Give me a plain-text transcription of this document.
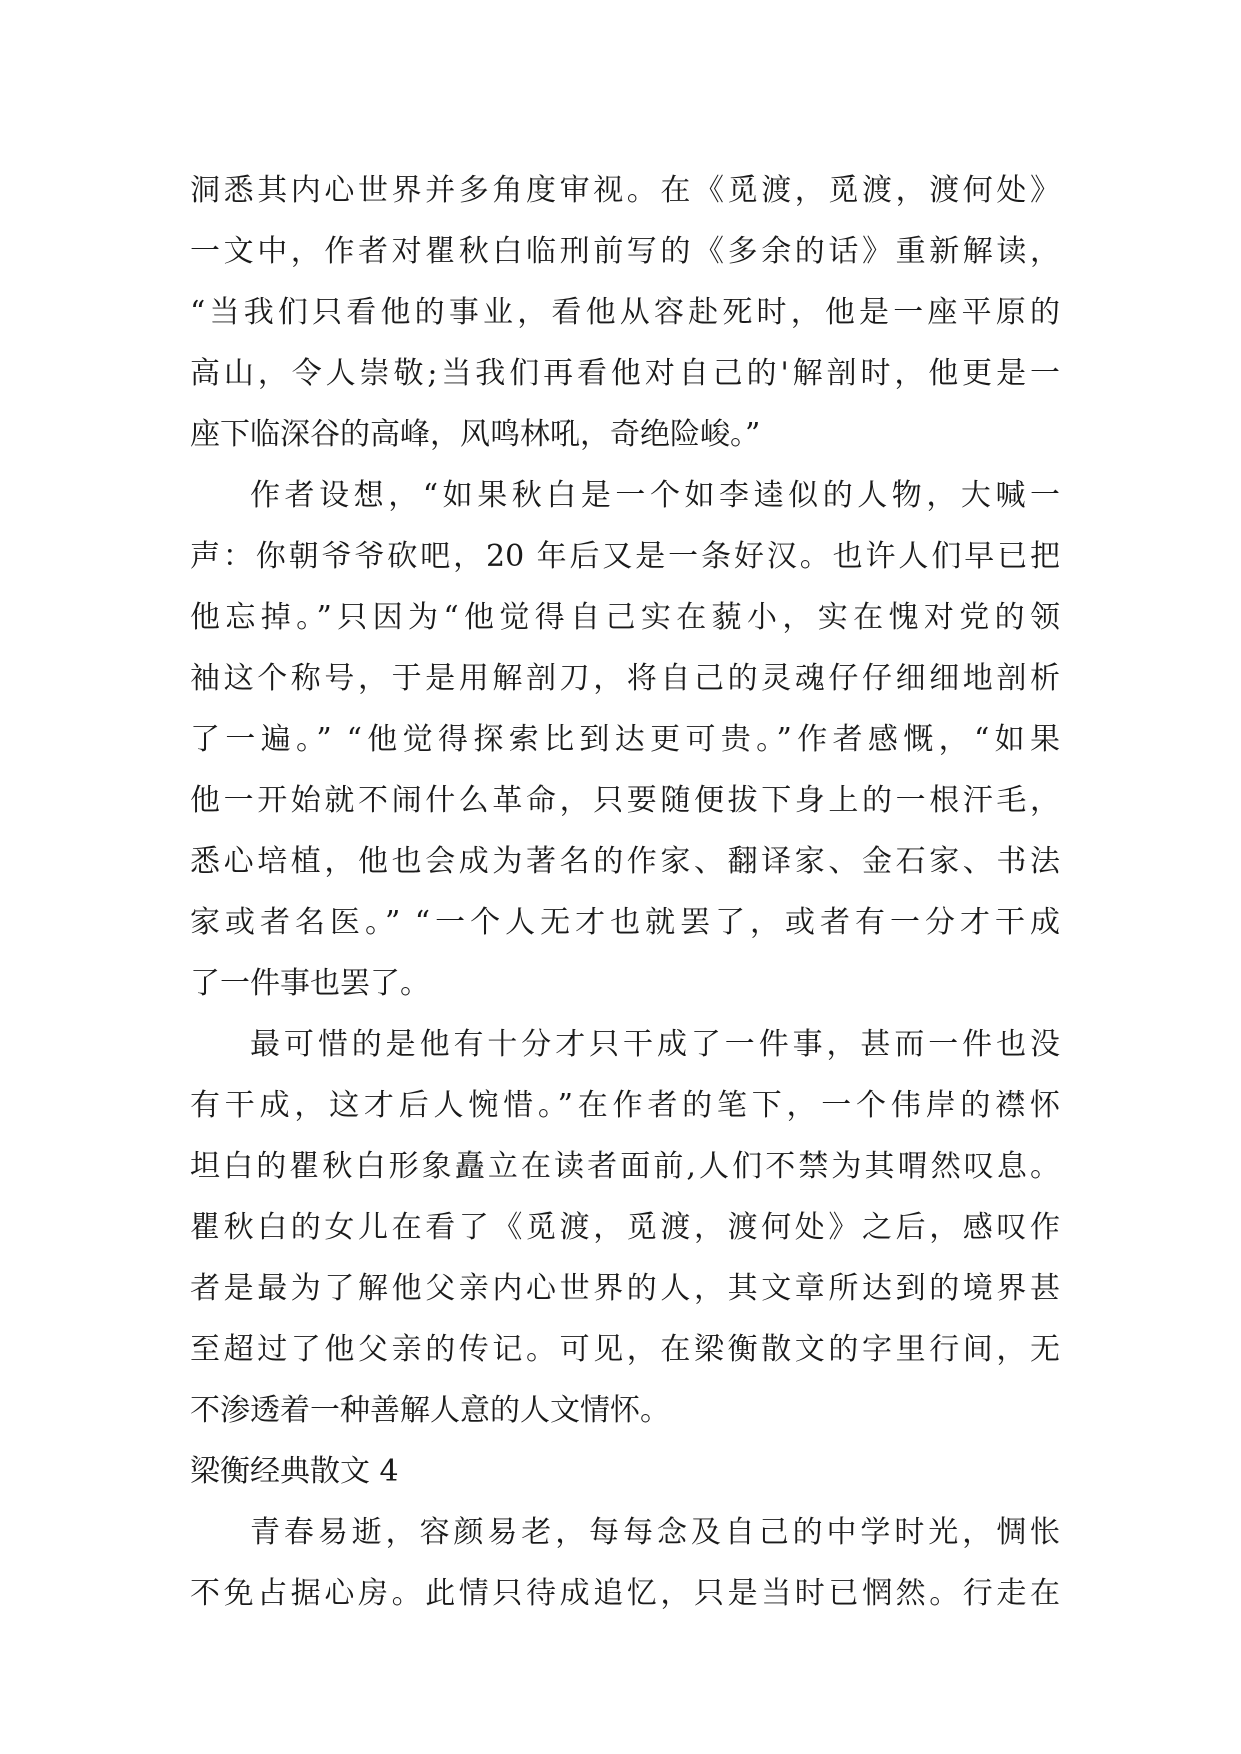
洞悉其内心世界并多角度审视。在《觅渡，觅渡，渡何处》
一文中，作者对瞿秋白临刑前写的《多余的话》重新解读，
“当我们只看他的事业，看他从容赴死时，他是一座平原的
高山，令人崇敬;当我们再看他对自己的'解剖时，他更是一
座下临深谷的高峰，风鸣林吼，奇绝险峻。”
作者设想，“如果秋白是一个如李逵似的人物，大喊一
声：你朝爷爷砍吧，20 年后又是一条好汉。也许人们早已把
他忘掉。”只因为“他觉得自己实在藐小，实在愧对党的领
袖这个称号，于是用解剖刀，将自己的灵魂仔仔细细地剖析
了一遍。” “他觉得探索比到达更可贵。”作者感慨，“如果
他一开始就不闹什么革命，只要随便拔下身上的一根汗毛，
悉心培植，他也会成为著名的作家、翻译家、金石家、书法
家或者名医。” “一个人无才也就罢了，或者有一分才干成
了一件事也罢了。
最可惜的是他有十分才只干成了一件事，甚而一件也没
有干成，这才后人惋惜。”在作者的笔下，一个伟岸的襟怀
坦白的瞿秋白形象矗立在读者面前,人们不禁为其喟然叹息。
瞿秋白的女儿在看了《觅渡，觅渡，渡何处》之后，感叹作
者是最为了解他父亲内心世界的人，其文章所达到的境界甚
至超过了他父亲的传记。可见，在梁衡散文的字里行间，无
不渗透着一种善解人意的人文情怀。
梁衡经典散文 4
青春易逝，容颜易老，每每念及自己的中学时光，惆怅
不免占据心房。此情只待成追忆，只是当时已惘然。行走在
